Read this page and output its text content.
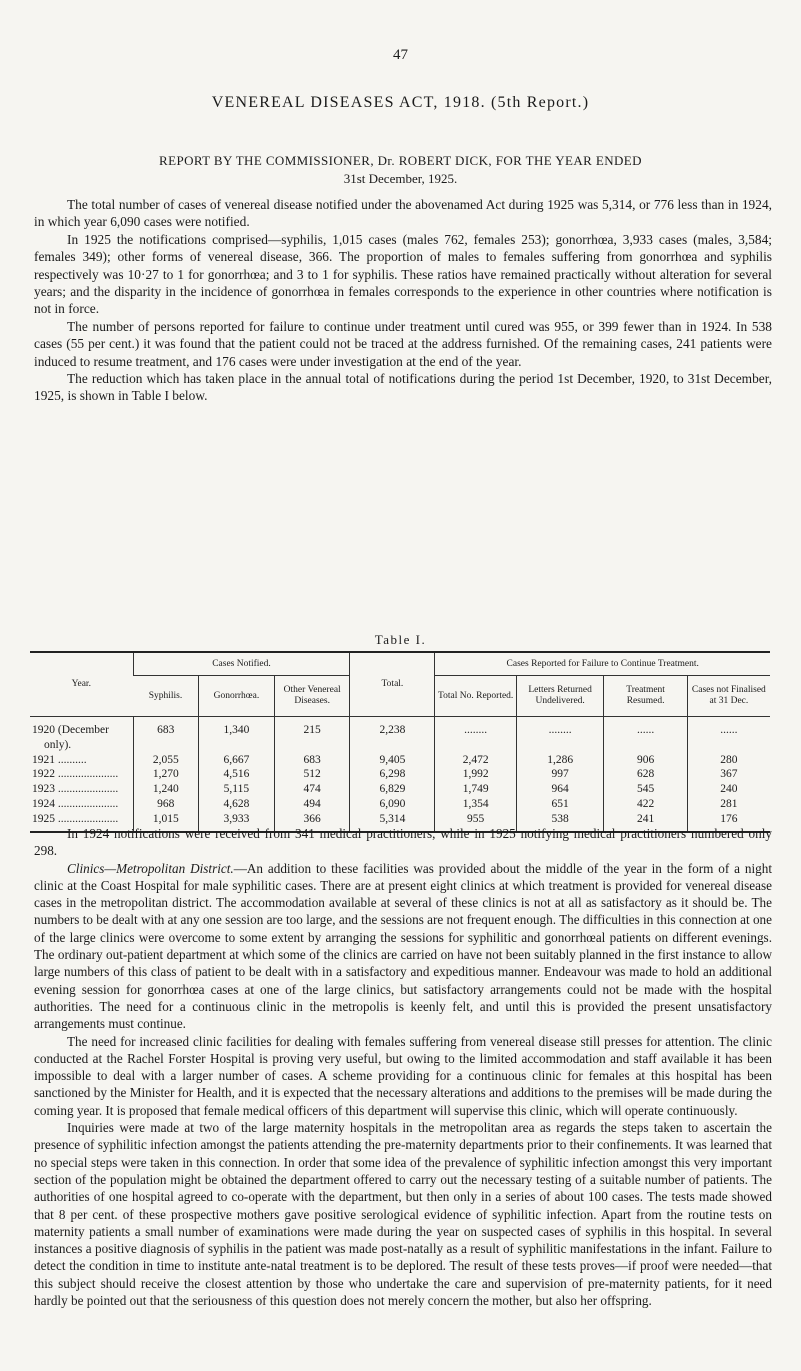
47
VENEREAL DISEASES ACT, 1918. (5th Report.)
REPORT BY THE COMMISSIONER, Dr. ROBERT DICK, FOR THE YEAR ENDED
31st December, 1925.

The total number of cases of venereal disease notified under the abovenamed Act during 1925 was 5,314, or 776 less than in 1924, in which year 6,090 cases were notified.

In 1925 the notifications comprised—syphilis, 1,015 cases (males 762, females 253); gonorrhœa, 3,933 cases (males, 3,584; females 349); other forms of venereal disease, 366. The proportion of males to females suffering from gonorrhœa and syphilis respectively was 10·27 to 1 for gonorrhœa; and 3 to 1 for syphilis. These ratios have remained practically without alteration for several years; and the disparity in the incidence of gonorrhœa in females corresponds to the experience in other countries where notification is not in force.

The number of persons reported for failure to continue under treatment until cured was 955, or 399 fewer than in 1924. In 538 cases (55 per cent.) it was found that the patient could not be traced at the address furnished. Of the remaining cases, 241 patients were induced to resume treatment, and 176 cases were under investigation at the end of the year.

The reduction which has taken place in the annual total of notifications during the period 1st December, 1920, to 31st December, 1925, is shown in Table I below.

Table I.
Year.	Cases Notified.			Total.	Cases Reported for Failure to Continue Treatment.			
	Syphilis.	Gonorrhœa.	Other Venereal Diseases.		Total No. Reported.	Letters Returned Undelivered.	Treatment Resumed.	Cases not Finalised at 31 Dec.
1920 (December	683	1,340	215	2,238	........	........	......	......
only).								
1921 ..........	2,055	6,667	683	9,405	2,472	1,286	906	280
1922 .....................	1,270	4,516	512	6,298	1,992	997	628	367
1923 .....................	1,240	5,115	474	6,829	1,749	964	545	240
1924 .....................	968	4,628	494	6,090	1,354	651	422	281
1925 .....................	1,015	3,933	366	5,314	955	538	241	176

In 1924 notifications were received from 341 medical practitioners, while in 1925 notifying medical practitioners numbered only 298.

Clinics—Metropolitan District.—An addition to these facilities was provided about the middle of the year in the form of a night clinic at the Coast Hospital for male syphilitic cases. There are at present eight clinics at which treatment is provided for venereal disease cases in the metropolitan district. The accommodation available at several of these clinics is not at all as satisfactory as it should be. The numbers to be dealt with at any one session are too large, and the sessions are not frequent enough. The difficulties in this connection at one of the large clinics were overcome to some extent by arranging the sessions for syphilitic and gonorrhœal patients on different evenings. The ordinary out-patient department at which some of the clinics are carried on have not been suitably planned in the first instance to allow large numbers of this class of patient to be dealt with in a satisfactory and expeditious manner. Endeavour was made to hold an additional evening session for gonorrhœa cases at one of the large clinics, but satisfactory arrangements could not be made with the hospital authorities. The need for a continuous clinic in the metropolis is keenly felt, and until this is provided the present unsatisfactory arrangements must continue.

The need for increased clinic facilities for dealing with females suffering from venereal disease still presses for attention. The clinic conducted at the Rachel Forster Hospital is proving very useful, but owing to the limited accommodation and staff available it has been impossible to deal with a larger number of cases. A scheme providing for a continuous clinic for females at this hospital has been sanctioned by the Minister for Health, and it is expected that the necessary alterations and additions to the premises will be made during the coming year. It is proposed that female medical officers of this department will supervise this clinic, which will operate continuously.

Inquiries were made at two of the large maternity hospitals in the metropolitan area as regards the steps taken to ascertain the presence of syphilitic infection amongst the patients attending the pre-maternity departments prior to their confinements. It was learned that no special steps were taken in this connection. In order that some idea of the prevalence of syphilitic infection amongst this very important section of the population might be obtained the department offered to carry out the necessary testing of a suitable number of patients. The authorities of one hospital agreed to co-operate with the department, but then only in a series of about 100 cases. The tests made showed that 8 per cent. of these prospective mothers gave positive serological evidence of syphilitic infection. Apart from the routine tests on maternity patients a small number of examinations were made during the year on suspected cases of syphilis in this hospital. In several instances a positive diagnosis of syphilis in the patient was made post-natally as a result of syphilitic manifestations in the infant. Failure to detect the condition in time to institute ante-natal treatment is to be deplored. The result of these tests proves—if proof were needed—that this subject should receive the closest attention by those who undertake the care and supervision of pre-maternity patients, for it need hardly be pointed out that the seriousness of this question does not merely concern the mother, but also her offspring.
